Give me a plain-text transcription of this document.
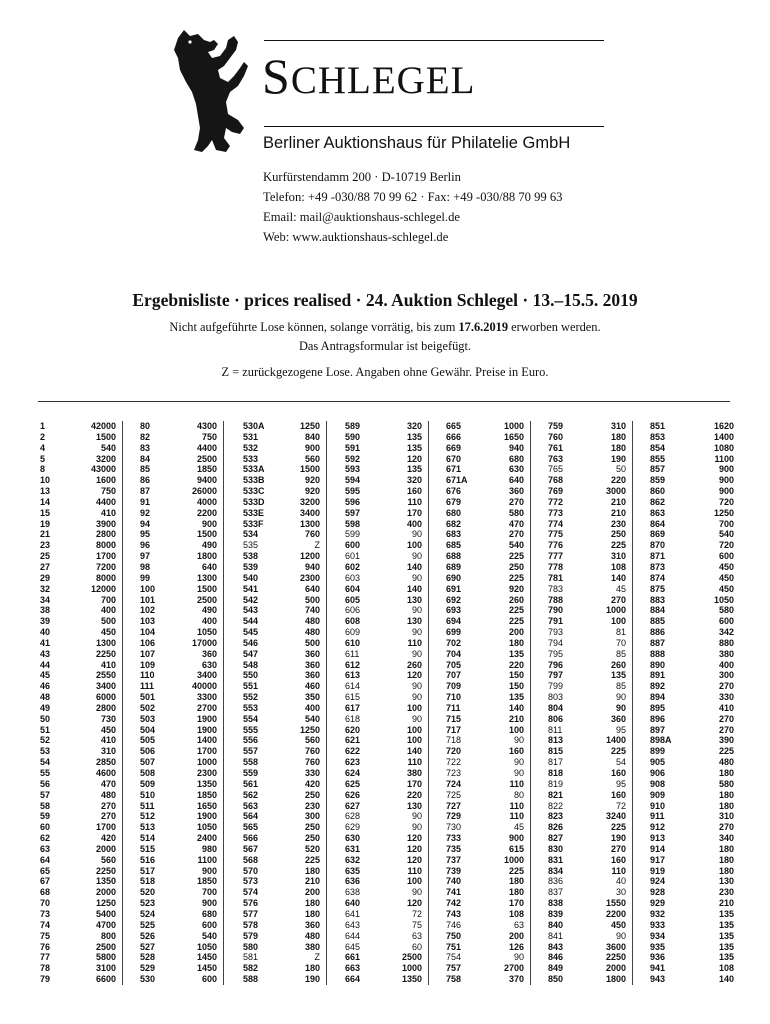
SCHLEGEL
Berliner Auktionshaus für Philatelie GmbH
Kurfürstendamm 200 · D-10719 Berlin
Telefon: +49 -030/88 70 99 62 · Fax: +49 -030/88 70 99 63
Email: mail@auktionshaus-schlegel.de
Web: www.auktionshaus-schlegel.de
Ergebnisliste · prices realised · 24. Auktion Schlegel · 13.–15.5. 2019
Nicht aufgeführte Lose können, solange vorrätig, bis zum 17.6.2019 erworben werden.
Das Antragsformular ist beigefügt.
Z = zurückgezogene Lose. Angaben ohne Gewähr. Preise in Euro.
1	42000
2	1500
4	540
5	3200
8	43000
10	1600
13	750
14	4400
15	410
19	3900
21	2800
23	8000
25	1700
27	7200
29	8000
32	12000
34	700
38	400
39	500
40	450
41	1300
43	2250
44	410
45	2550
46	3400
48	6000
49	2800
50	730
51	450
52	410
53	310
54	2850
55	4600
56	470
57	480
58	270
59	270
60	1700
62	420
63	2000
64	560
65	2250
67	1350
68	2000
70	1250
73	5400
74	4700
75	800
76	2500
77	5800
78	3100
79	6600
80	4300
82	750
83	4400
84	2500
85	1850
86	9400
87	26000
91	4000
92	2200
94	900
95	1500
96	490
97	1800
98	640
99	1300
100	1500
101	2500
102	490
103	400
104	1050
106	17000
107	360
109	630
110	3400
111	40000
501	3300
502	2700
503	1900
504	1900
505	1400
506	1700
507	1000
508	2300
509	1350
510	1850
511	1650
512	1900
513	1050
514	2400
515	980
516	1100
517	900
518	1850
520	700
523	900
524	680
525	600
526	540
527	1050
528	1450
529	1450
530	600
530A	1250
531	840
532	900
533	560
533A	1500
533B	920
533C	920
533D	3200
533E	3400
533F	1300
534	760
535	Z
538	1200
539	940
540	2300
541	640
542	500
543	740
544	480
545	480
546	500
547	360
548	360
550	360
551	460
552	350
553	400
554	540
555	1250
556	560
557	760
558	760
559	330
561	420
562	250
563	230
564	300
565	250
566	250
567	520
568	225
570	180
573	210
574	200
576	180
577	180
578	360
579	480
580	380
581	Z
582	180
588	190
589	320
590	135
591	135
592	120
593	135
594	320
595	160
596	110
597	170
598	400
599	90
600	100
601	90
602	140
603	90
604	140
605	130
606	90
608	130
609	90
610	110
611	90
612	260
613	120
614	90
615	90
617	100
618	90
620	100
621	100
622	140
623	110
624	380
625	170
626	220
627	130
628	90
629	90
630	120
631	120
632	120
635	110
636	100
638	90
640	120
641	72
643	75
644	63
645	60
661	2500
663	1000
664	1350
665	1000
666	1650
669	940
670	680
671	630
671A	640
676	360
679	270
680	580
682	470
683	270
685	540
688	225
689	250
690	225
691	920
692	260
693	225
694	225
699	200
702	180
704	135
705	220
707	150
709	150
710	135
711	140
715	210
717	100
718	90
720	160
722	90
723	90
724	110
725	80
727	110
729	110
730	45
733	900
735	615
737	1000
739	225
740	180
741	180
742	170
743	108
746	63
750	200
751	126
754	90
757	2700
758	370
759	310
760	180
761	180
763	190
765	50
768	220
769	3000
772	210
773	210
774	230
775	250
776	225
777	310
778	108
781	140
783	45
788	270
790	1000
791	100
793	81
794	70
795	85
796	260
797	135
799	85
803	90
804	90
806	360
811	95
813	1400
815	225
817	54
818	160
819	95
821	160
822	72
823	3240
826	225
827	190
830	270
831	160
834	110
836	40
837	30
838	1550
839	2200
840	450
841	90
843	3600
846	2250
849	2000
850	1800
851	1620
853	1400
854	1080
855	1100
857	900
859	900
860	900
862	720
863	1250
864	700
869	540
870	720
871	600
873	450
874	450
875	450
883	1050
884	580
885	600
886	342
887	880
888	380
890	400
891	300
892	270
894	330
895	410
896	270
897	270
898A	390
899	225
905	480
906	180
908	580
909	180
910	180
911	310
912	270
913	340
914	180
917	180
919	180
924	130
928	230
929	210
932	135
933	135
934	135
935	135
936	135
941	108
943	140
